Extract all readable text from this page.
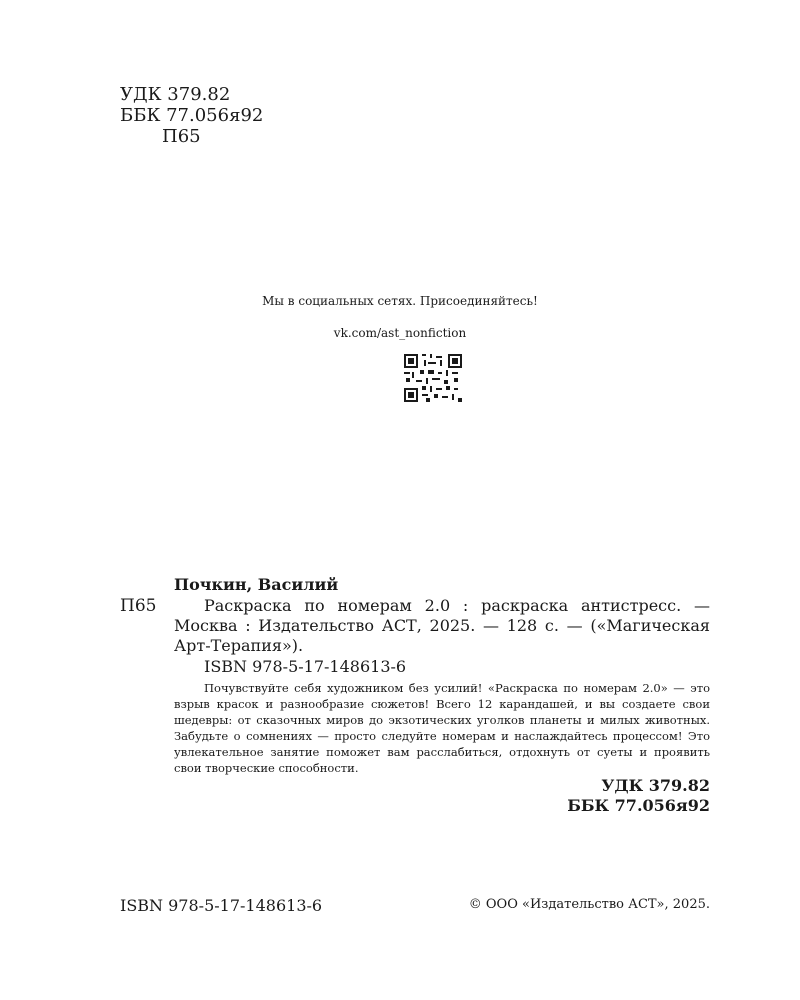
УДК 379.82
ББК 77.056я92
П65
Мы в социальных сетях. Присоединяйтесь!
vk.com/ast_nonfiction
Почкин, Василий
П65	Раскраска по номерам 2.0 : раскраска антистресс. — Москва : Издательство АСТ, 2025. — 128 с. — («Магическая Арт-Терапия»).
ISBN 978-5-17-148613-6
Почувствуйте себя художником без усилий! «Раскраска по номерам 2.0» — это взрыв красок и разнообразие сюжетов! Всего 12 карандашей, и вы создаете свои шедевры: от сказочных миров до экзотических уголков планеты и милых животных. Забудьте о сомнениях — просто следуйте номерам и наслаждайтесь процессом! Это увлекательное занятие поможет вам расслабиться, отдохнуть от суеты и проявить свои творческие способности.
УДК 379.82
ББК 77.056я92
ISBN 978-5-17-148613-6	© ООО «Издательство АСТ», 2025.
